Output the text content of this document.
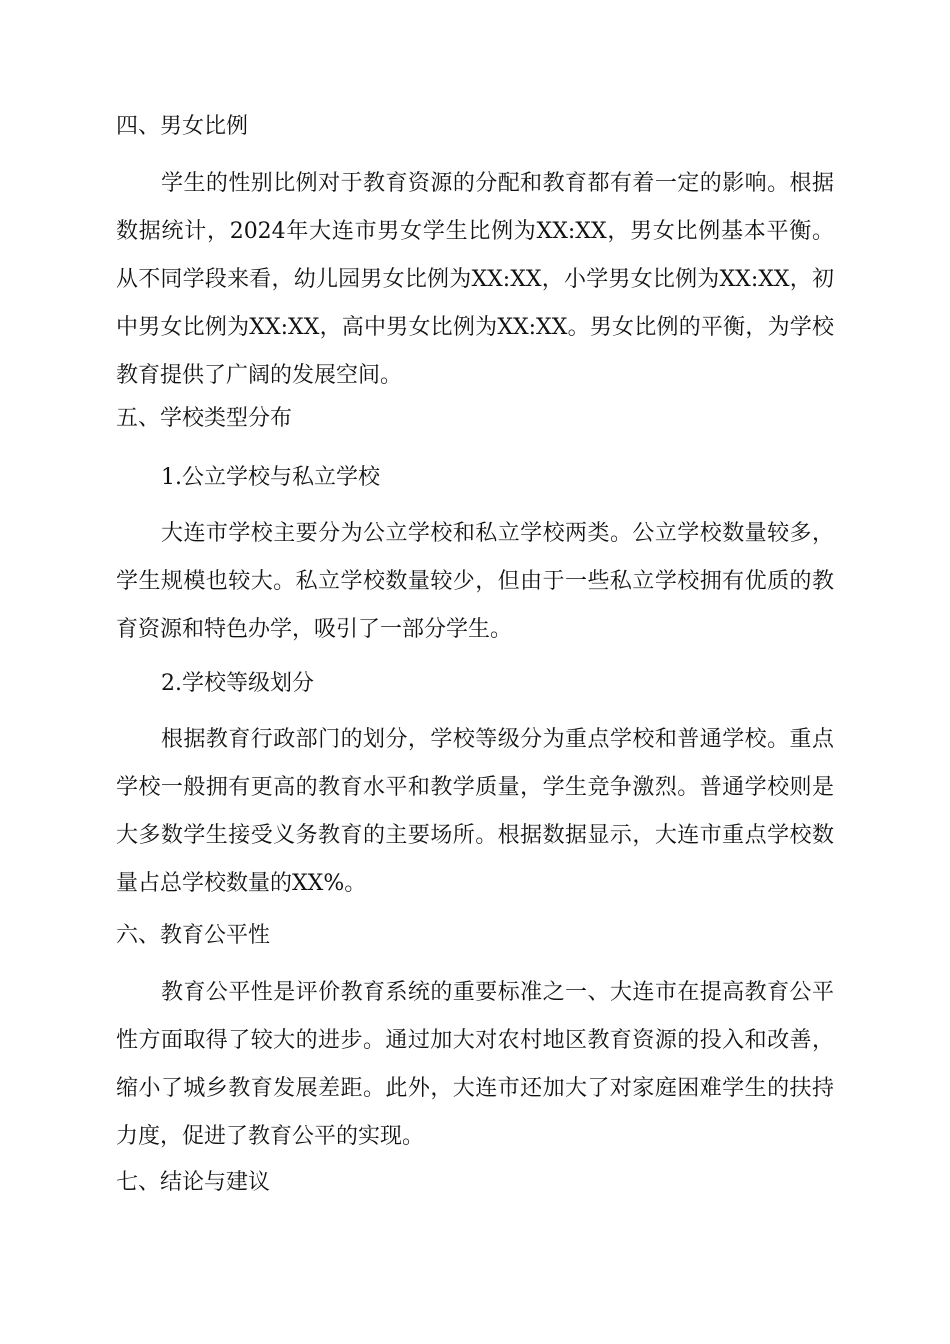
四、男女比例

学生的性别比例对于教育资源的分配和教育都有着一定的影响。根据数据统计，2024年大连市男女学生比例为XX:XX，男女比例基本平衡。从不同学段来看，幼儿园男女比例为XX:XX，小学男女比例为XX:XX，初中男女比例为XX:XX，高中男女比例为XX:XX。男女比例的平衡，为学校教育提供了广阔的发展空间。

五、学校类型分布
1.公立学校与私立学校

大连市学校主要分为公立学校和私立学校两类。公立学校数量较多，学生规模也较大。私立学校数量较少，但由于一些私立学校拥有优质的教育资源和特色办学，吸引了一部分学生。

2.学校等级划分

根据教育行政部门的划分，学校等级分为重点学校和普通学校。重点学校一般拥有更高的教育水平和教学质量，学生竞争激烈。普通学校则是大多数学生接受义务教育的主要场所。根据数据显示，大连市重点学校数量占总学校数量的XX%。

六、教育公平性

教育公平性是评价教育系统的重要标准之一、大连市在提高教育公平性方面取得了较大的进步。通过加大对农村地区教育资源的投入和改善，缩小了城乡教育发展差距。此外，大连市还加大了对家庭困难学生的扶持力度，促进了教育公平的实现。

七、结论与建议
